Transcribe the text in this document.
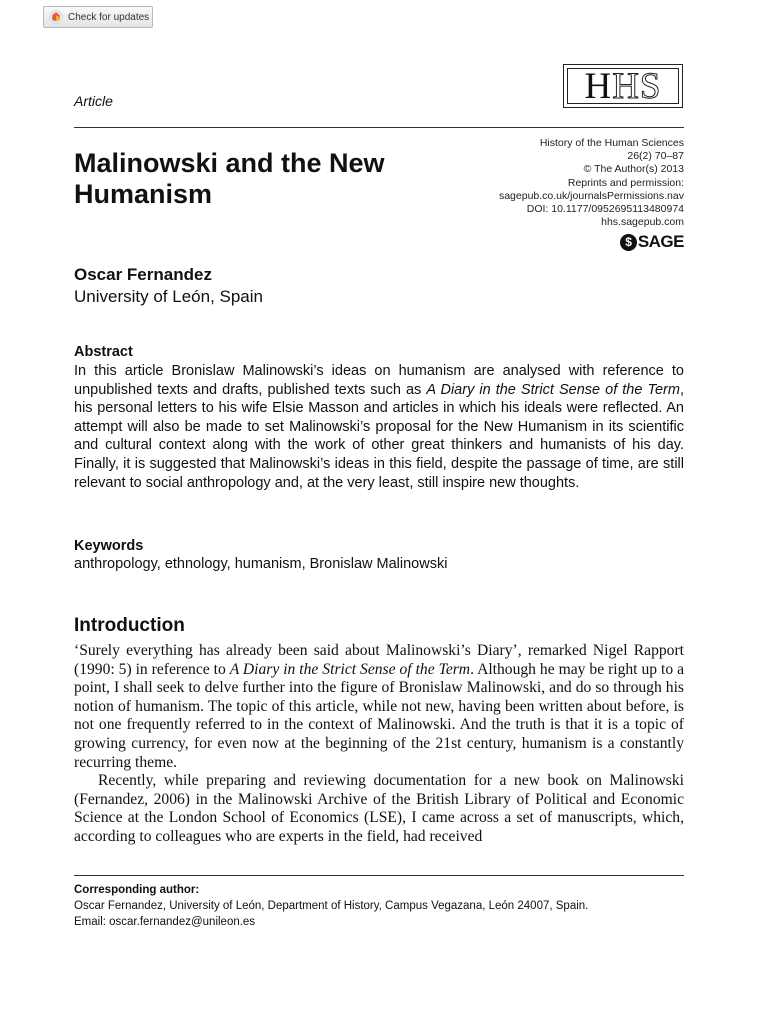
Check for updates
Article	H HS
Malinowski and the New Humanism
History of the Human Sciences
26(2) 70–87
© The Author(s) 2013
Reprints and permission:
sagepub.co.uk/journalsPermissions.nav
DOI: 10.1177/0952695113480974
hhs.sagepub.com
$ SAGE
Oscar Fernandez
University of León, Spain
Abstract

In this article Bronislaw Malinowski’s ideas on humanism are analysed with reference to unpublished texts and drafts, published texts such as A Diary in the Strict Sense of the Term, his personal letters to his wife Elsie Masson and articles in which his ideals were reflected. An attempt will also be made to set Malinowski’s proposal for the New Humanism in its scientific and cultural context along with the work of other great thinkers and humanists of his day. Finally, it is suggested that Malinowski’s ideas in this field, despite the passage of time, are still relevant to social anthropology and, at the very least, still inspire new thoughts.

Keywords
anthropology, ethnology, humanism, Bronislaw Malinowski
Introduction

‘Surely everything has already been said about Malinowski’s Diary’, remarked Nigel Rapport (1990: 5) in reference to A Diary in the Strict Sense of the Term. Although he may be right up to a point, I shall seek to delve further into the figure of Bronislaw Malinowski, and do so through his notion of humanism. The topic of this article, while not new, having been written about before, is not one frequently referred to in the context of Malinowski. And the truth is that it is a topic of growing currency, for even now at the beginning of the 21st century, humanism is a constantly recurring theme.

Recently, while preparing and reviewing documentation for a new book on Malinowski (Fernandez, 2006) in the Malinowski Archive of the British Library of Political and Economic Science at the London School of Economics (LSE), I came across a set of manuscripts, which, according to colleagues who are experts in the field, had received

Corresponding author:
Oscar Fernandez, University of León, Department of History, Campus Vegazana, León 24007, Spain.
Email: oscar.fernandez@unileon.es
